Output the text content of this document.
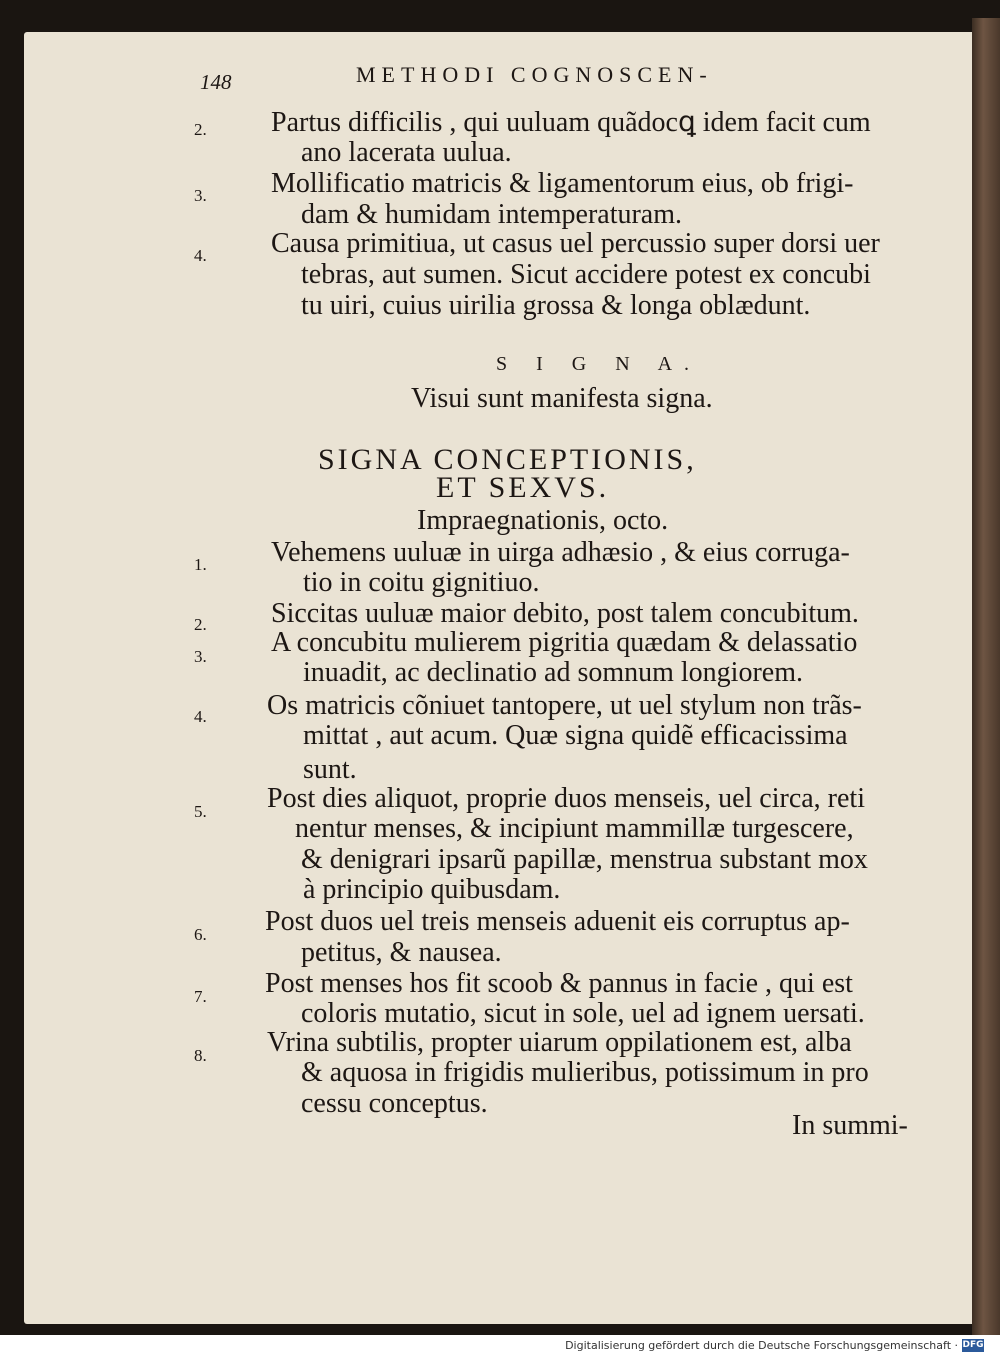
148	METHODI COGNOSCEN-
2. Partus difficilis , qui uuluam quãdocꝗ idem facit cum
ano lacerata uulua.
3. Mollificatio matricis & ligamentorum eius, ob frigi-
dam & humidam intemperaturam.
4. Causa primitiua, ut casus uel percussio super dorsi uer
tebras, aut sumen. Sicut accidere potest ex concubi
tu uiri, cuius uirilia grossa & longa oblædunt.
S I G N A.
Visui sunt manifesta signa.
SIGNA CONCEPTIONIS,
ET SEXVS.
Impraegnationis, octo.
1. Vehemens uuluæ in uirga adhæsio , & eius corruga-
tio in coitu gignitiuo.
2. Siccitas uuluæ maior debito, post talem concubitum.
3. A concubitu mulierem pigritia quædam & delassatio
inuadit, ac declinatio ad somnum longiorem.
4. Os matricis cõniuet tantopere, ut uel stylum non trãs-
mittat , aut acum. Quæ signa quidẽ efficacissima
sunt.
5. Post dies aliquot, proprie duos menseis, uel circa, reti
nentur menses, & incipiunt mammillæ turgescere,
& denigrari ipsarũ papillæ, menstrua substant mox
à principio quibusdam.
6. Post duos uel treis menseis aduenit eis corruptus ap-
petitus, & nausea.
7. Post menses hos fit scoob & pannus in facie , qui est
coloris mutatio, sicut in sole, uel ad ignem uersati.
8. Vrina subtilis, propter uiarum oppilationem est, alba
& aquosa in frigidis mulieribus, potissimum in pro
cessu conceptus.
In summi-
Digitalisierung gefördert durch die Deutsche Forschungsgemeinschaft · DFG
